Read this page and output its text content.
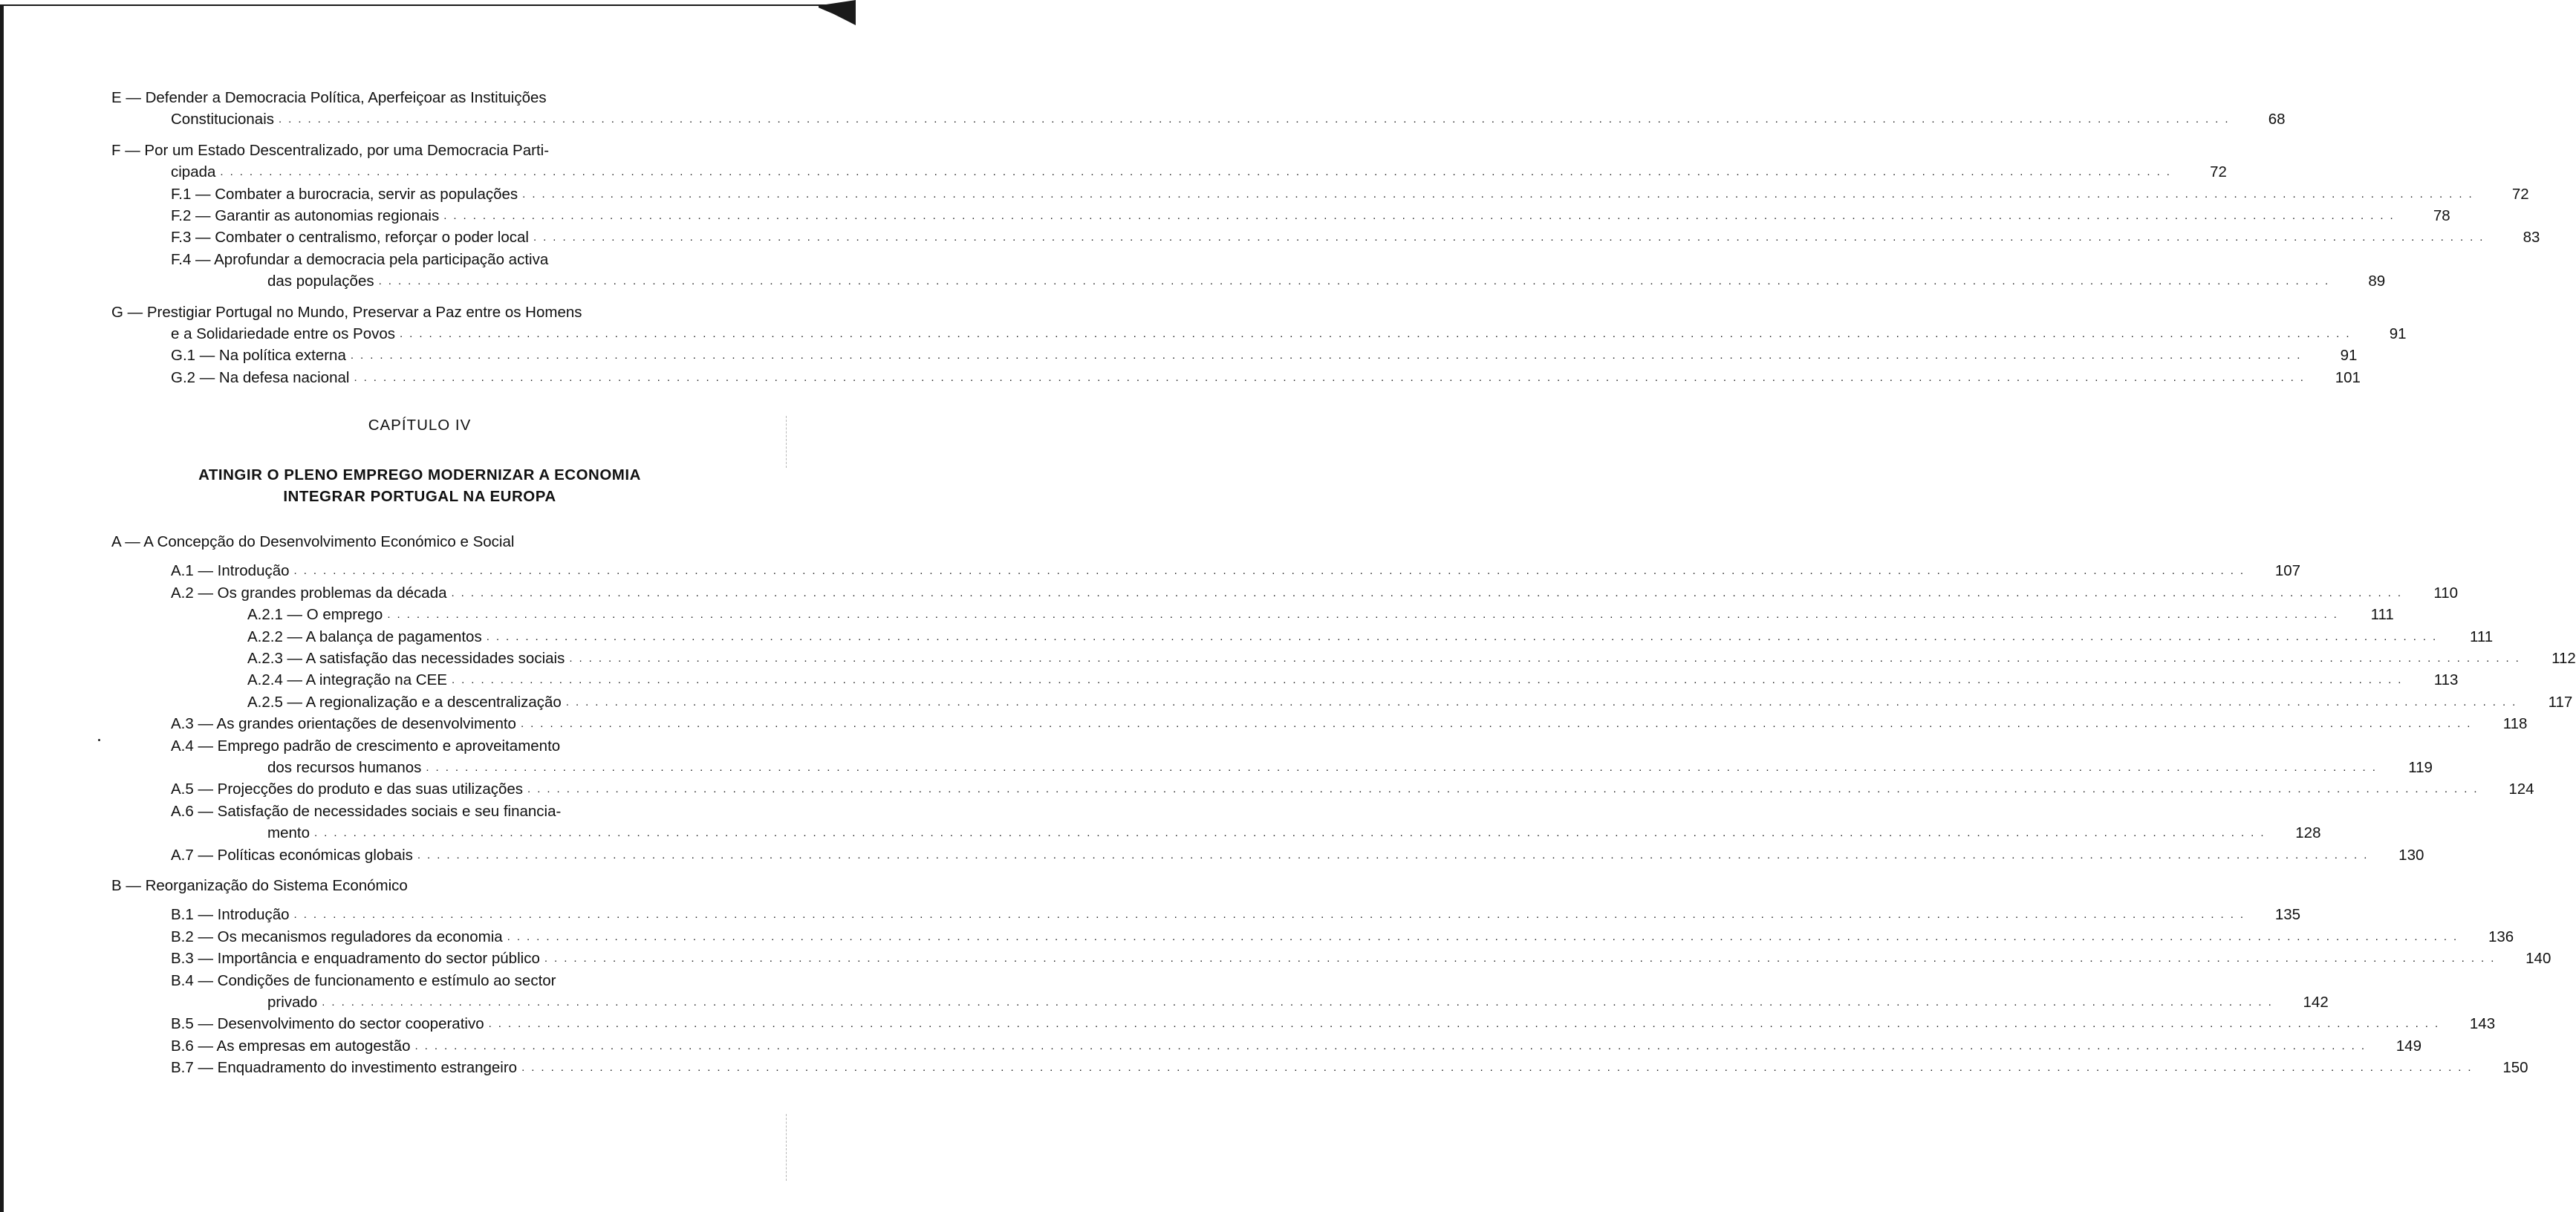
E — Defender a Democracia Política, Aperfeiçoar as Instituições
Constitucionais ........................................................................................................................................................................................................	68
F — Por um Estado Descentralizado, por uma Democracia Parti-
cipada ........................................................................................................................................................................................................	72
F.1 — Combater a burocracia, servir as populações ........................................................................................................................................................................................................	72
F.2 — Garantir as autonomias regionais ........................................................................................................................................................................................................	78
F.3 — Combater o centralismo, reforçar o poder local ........................................................................................................................................................................................................	83
F.4 — Aprofundar a democracia pela participação activa
das populações ........................................................................................................................................................................................................	89
G — Prestigiar Portugal no Mundo, Preservar a Paz entre os Homens
e a Solidariedade entre os Povos ........................................................................................................................................................................................................	91
G.1 — Na política externa ........................................................................................................................................................................................................	91
G.2 — Na defesa nacional ........................................................................................................................................................................................................	101
CAPÍTULO IV
ATINGIR O PLENO EMPREGO MODERNIZAR A ECONOMIA
INTEGRAR PORTUGAL NA EUROPA
A — A Concepção do Desenvolvimento Económico e Social
A.1 — Introdução ........................................................................................................................................................................................................	107
A.2 — Os grandes problemas da década ........................................................................................................................................................................................................	110
A.2.1 — O emprego ........................................................................................................................................................................................................	111
A.2.2 — A balança de pagamentos ........................................................................................................................................................................................................	111
A.2.3 — A satisfação das necessidades sociais ........................................................................................................................................................................................................	112
A.2.4 — A integração na CEE ........................................................................................................................................................................................................	113
A.2.5 — A regionalização e a descentralização ........................................................................................................................................................................................................	117
A.3 — As grandes orientações de desenvolvimento ........................................................................................................................................................................................................	118
A.4 — Emprego padrão de crescimento e aproveitamento
dos recursos humanos ........................................................................................................................................................................................................	119
A.5 — Projecções do produto e das suas utilizações ........................................................................................................................................................................................................	124
A.6 — Satisfação de necessidades sociais e seu financia-
mento ........................................................................................................................................................................................................	128
A.7 — Políticas económicas globais ........................................................................................................................................................................................................	130
B — Reorganização do Sistema Económico
B.1 — Introdução ........................................................................................................................................................................................................	135
B.2 — Os mecanismos reguladores da economia ........................................................................................................................................................................................................	136
B.3 — Importância e enquadramento do sector público ........................................................................................................................................................................................................	140
B.4 — Condições de funcionamento e estímulo ao sector
privado ........................................................................................................................................................................................................	142
B.5 — Desenvolvimento do sector cooperativo ........................................................................................................................................................................................................	143
B.6 — As empresas em autogestão ........................................................................................................................................................................................................	149
B.7 — Enquadramento do investimento estrangeiro ........................................................................................................................................................................................................	150
